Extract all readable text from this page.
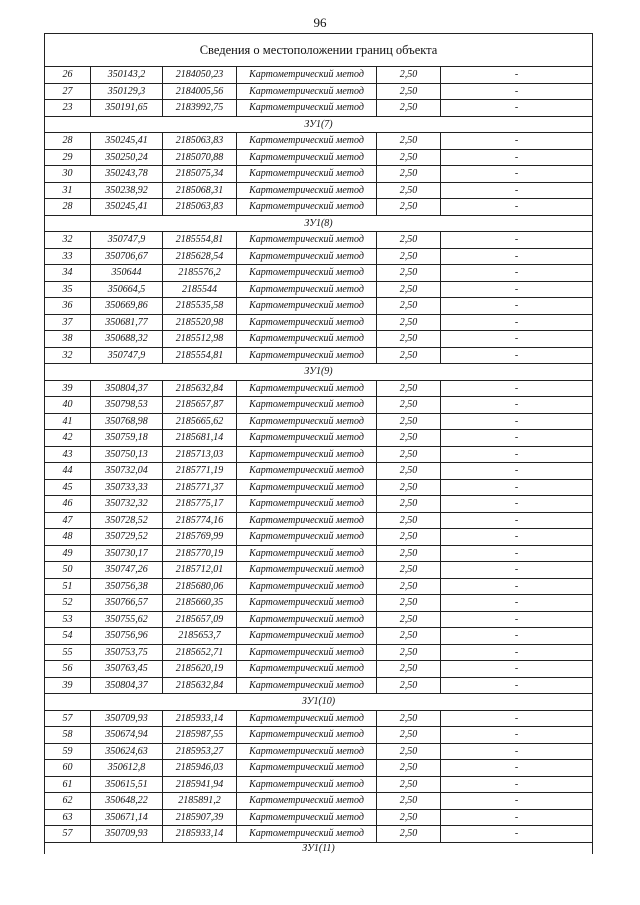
96
Сведения о местоположении границ объекта					
26	350143,2	2184050,23	Картометрический метод	2,50	-
27	350129,3	2184005,56	Картометрический метод	2,50	-
23	350191,65	2183992,75	Картометрический метод	2,50	-
ЗУ1(7)					
28	350245,41	2185063,83	Картометрический метод	2,50	-
29	350250,24	2185070,88	Картометрический метод	2,50	-
30	350243,78	2185075,34	Картометрический метод	2,50	-
31	350238,92	2185068,31	Картометрический метод	2,50	-
28	350245,41	2185063,83	Картометрический метод	2,50	-
ЗУ1(8)					
32	350747,9	2185554,81	Картометрический метод	2,50	-
33	350706,67	2185628,54	Картометрический метод	2,50	-
34	350644	2185576,2	Картометрический метод	2,50	-
35	350664,5	2185544	Картометрический метод	2,50	-
36	350669,86	2185535,58	Картометрический метод	2,50	-
37	350681,77	2185520,98	Картометрический метод	2,50	-
38	350688,32	2185512,98	Картометрический метод	2,50	-
32	350747,9	2185554,81	Картометрический метод	2,50	-
ЗУ1(9)					
39	350804,37	2185632,84	Картометрический метод	2,50	-
40	350798,53	2185657,87	Картометрический метод	2,50	-
41	350768,98	2185665,62	Картометрический метод	2,50	-
42	350759,18	2185681,14	Картометрический метод	2,50	-
43	350750,13	2185713,03	Картометрический метод	2,50	-
44	350732,04	2185771,19	Картометрический метод	2,50	-
45	350733,33	2185771,37	Картометрический метод	2,50	-
46	350732,32	2185775,17	Картометрический метод	2,50	-
47	350728,52	2185774,16	Картометрический метод	2,50	-
48	350729,52	2185769,99	Картометрический метод	2,50	-
49	350730,17	2185770,19	Картометрический метод	2,50	-
50	350747,26	2185712,01	Картометрический метод	2,50	-
51	350756,38	2185680,06	Картометрический метод	2,50	-
52	350766,57	2185660,35	Картометрический метод	2,50	-
53	350755,62	2185657,09	Картометрический метод	2,50	-
54	350756,96	2185653,7	Картометрический метод	2,50	-
55	350753,75	2185652,71	Картометрический метод	2,50	-
56	350763,45	2185620,19	Картометрический метод	2,50	-
39	350804,37	2185632,84	Картометрический метод	2,50	-
ЗУ1(10)					
57	350709,93	2185933,14	Картометрический метод	2,50	-
58	350674,94	2185987,55	Картометрический метод	2,50	-
59	350624,63	2185953,27	Картометрический метод	2,50	-
60	350612,8	2185946,03	Картометрический метод	2,50	-
61	350615,51	2185941,94	Картометрический метод	2,50	-
62	350648,22	2185891,2	Картометрический метод	2,50	-
63	350671,14	2185907,39	Картометрический метод	2,50	-
57	350709,93	2185933,14	Картометрический метод	2,50	-
ЗУ1(11)					
